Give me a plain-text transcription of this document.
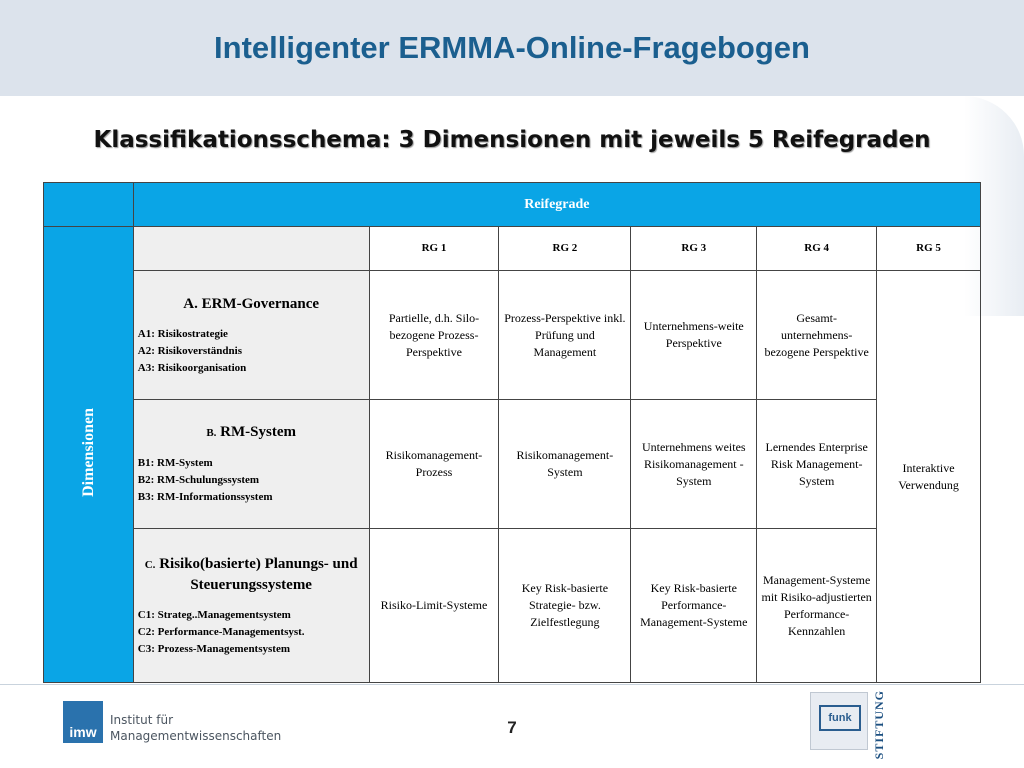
Intelligenter ERMMA-Online-Fragebogen
Klassifikationsschema: 3 Dimensionen mit jeweils 5 Reifegraden
	Reifegrade					
Dimensionen		RG 1	RG 2	RG 3	RG 4	RG 5

	A. ERM-Governance
A1: Risikostrategie
A2: Risikoverständnis
A3: Risikoorganisation	Partielle, d.h. Silo-bezogene Prozess-Perspektive	Prozess-Perspektive inkl. Prüfung und Management	Unternehmens-weite Perspektive	Gesamt-unternehmens-bezogene Perspektive	Interaktive Verwendung

	B. RM-System
B1: RM-System
B2: RM-Schulungssystem
B3: RM-Informationssystem	Risikomanagement-Prozess	Risikomanagement-System	Unternehmens weites Risikomanagement -System	Lernendes Enterprise Risk Management-System	

	C. Risiko(basierte) Planungs- und Steuerungssysteme
C1: Strateg..Managementsystem
C2: Performance-Managementsyst.
C3: Prozess-Managementsystem	Risiko-Limit-Systeme	Key Risk-basierte Strategie- bzw. Zielfestlegung	Key Risk-basierte Performance-Management-Systeme	Management-Systeme mit Risiko-adjustierten Performance-Kennzahlen	
imw
Institut für
Managementwissenschaften	7	funk	STIFTUNG
